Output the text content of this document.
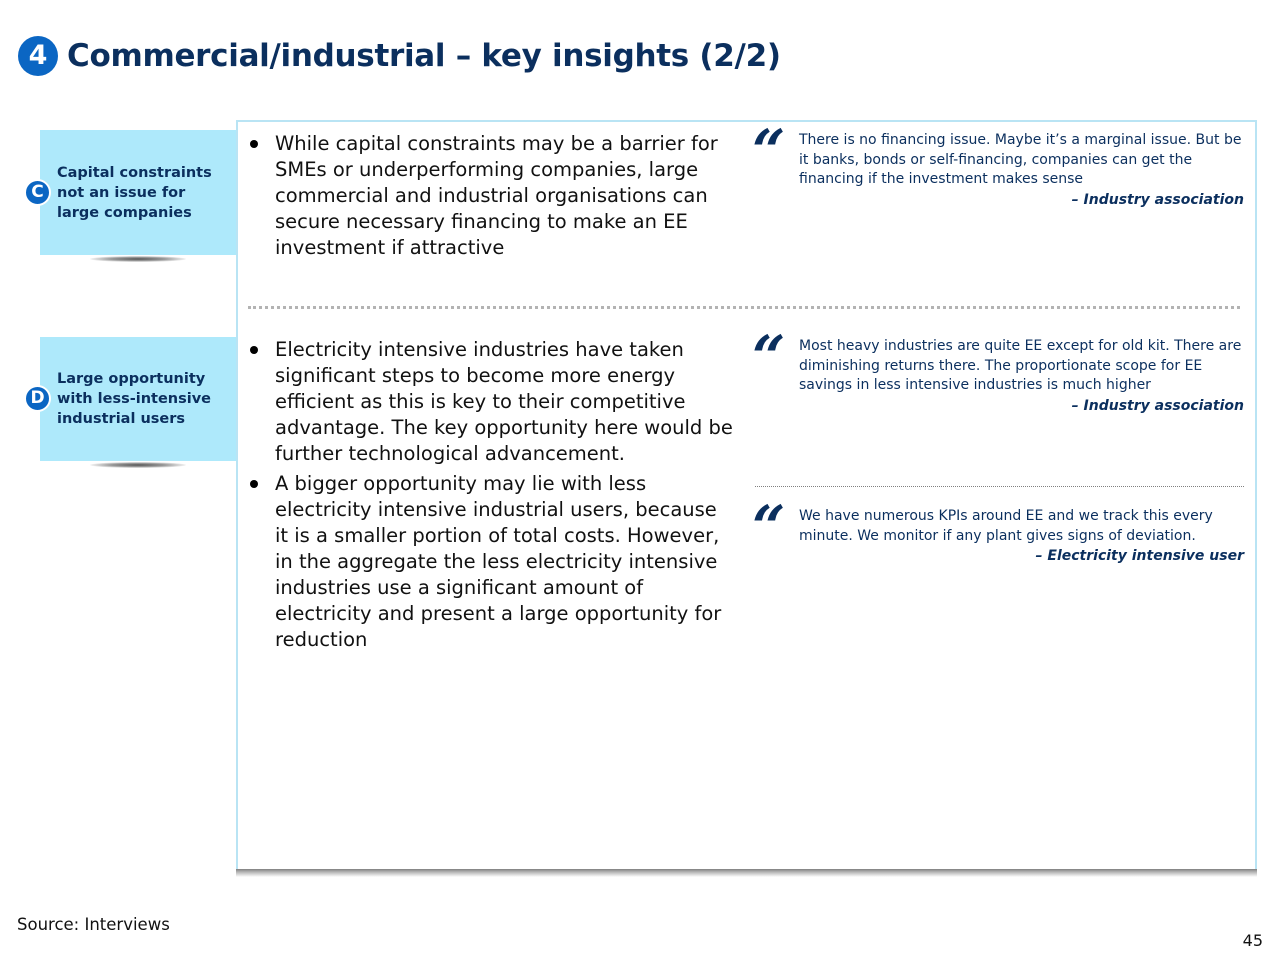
4 Commercial/industrial – key insights (2/2)
Capital constraints not an issue for large companies
C
Large opportunity with less-intensive industrial users
D
While capital constraints may be a barrier for SMEs or underperforming companies, large commercial and industrial organisations can secure necessary financing to make an EE investment if attractive
“ There is no financing issue. Maybe it’s a marginal issue. But be it banks, bonds or self-financing, companies can get the financing if the investment makes sense
– Industry association
Electricity intensive industries have taken significant steps to become more energy efficient as this is key to their competitive advantage. The key opportunity here would be further technological advancement.
A bigger opportunity may lie with less electricity intensive industrial users, because it is a smaller portion of total costs. However, in the aggregate the less electricity intensive industries use a significant amount of electricity and present a large opportunity for reduction
“ Most heavy industries are quite EE except for old kit. There are diminishing returns there. The proportionate scope for EE savings in less intensive industries is much higher
– Industry association
“ We have numerous KPIs around EE and we track this every minute. We monitor if any plant gives signs of deviation.
– Electricity intensive user
Source: Interviews
45
